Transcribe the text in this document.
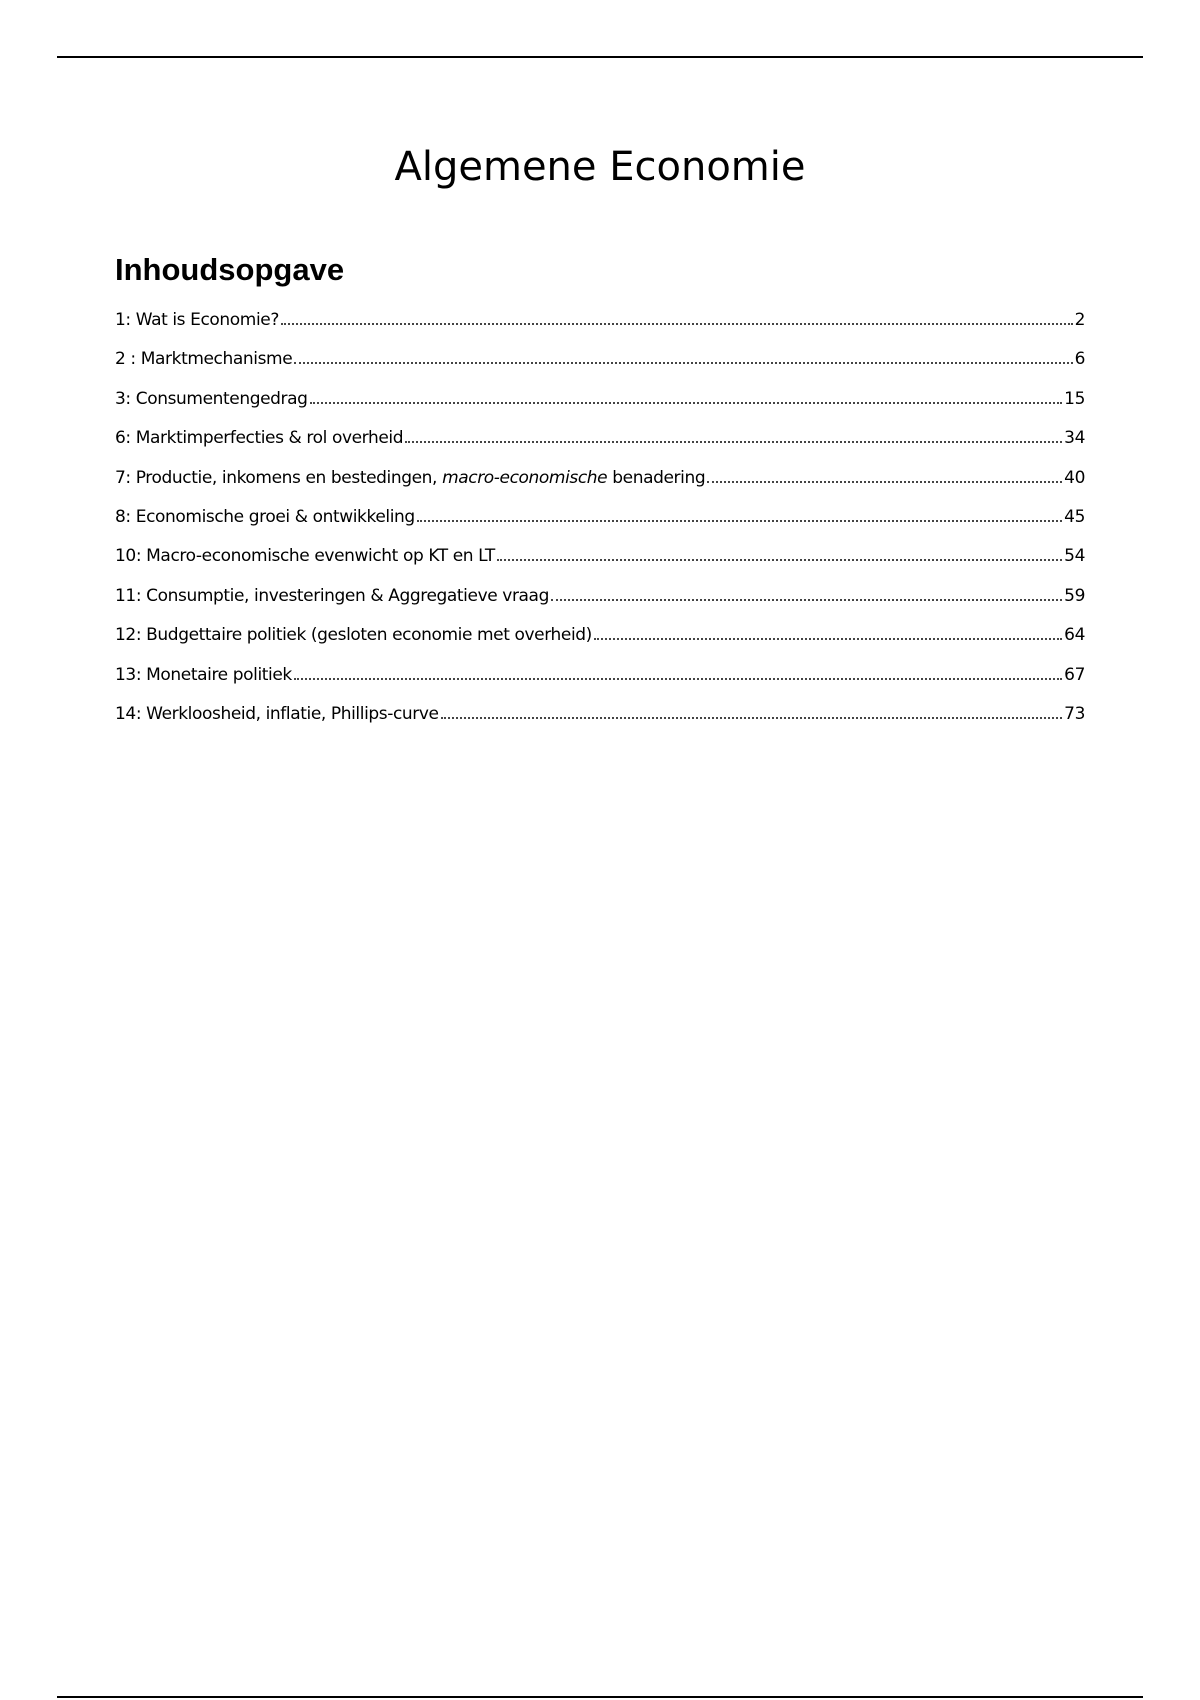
Algemene Economie
Inhoudsopgave
1: Wat is Economie?	2
2 : Marktmechanisme	6
3: Consumentengedrag	15
6: Marktimperfecties & rol overheid	34
7: Productie, inkomens en bestedingen, macro-economische benadering	40
8: Economische groei & ontwikkeling	45
10: Macro-economische evenwicht op KT en LT	54
11: Consumptie, investeringen & Aggregatieve vraag	59
12: Budgettaire politiek (gesloten economie met overheid)	64
13: Monetaire politiek	67
14: Werkloosheid, inflatie, Phillips-curve	73
